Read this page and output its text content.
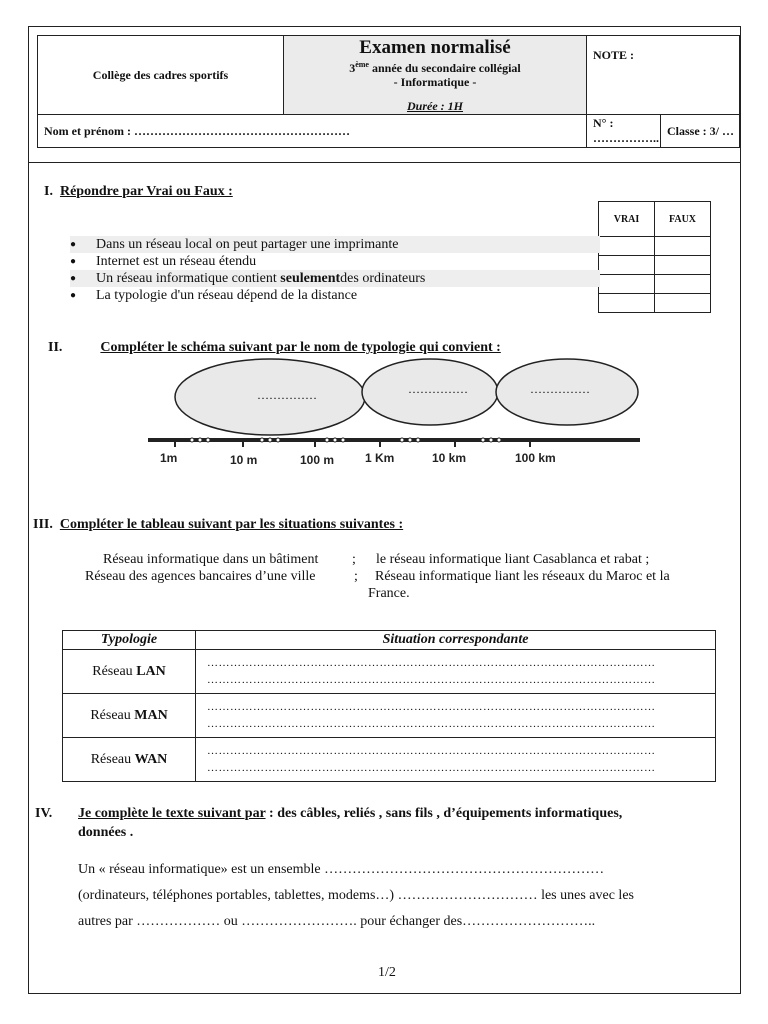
Collège des cadres sportifs	
Examen normalisé
3ème année du secondaire collégial
- Informatique -
Durée : 1H
	NOTE :
Nom et prénom : ………………………………………………	
N° : ……………..	Classe : 3/ …
I. Répondre par Vrai ou Faux :
VRAI	FAUX

●	Dans un réseau local on peut partager une imprimante
●	Internet est un réseau étendu
●	Un réseau informatique contient
seulement des ordinateurs
●	La typologie d'un réseau dépend de la distance
II.	Compléter le schéma suivant par le nom de typologie qui convient :
……………	……………	……………
1m	10 m	100 m	1 Km	10 km	100 km
III. Compléter le tableau suivant par les situations suivantes :
Réseau informatique dans un bâtiment ; le réseau informatique liant Casablanca et rabat ;
Réseau des agences bancaires d’une ville	; Réseau informatique liant les réseaux du Maroc et la
France.
Typologie	Situation correspondante
Réseau LAN	………………………………………………………………………………………………………
………………………………………………………………………………………………………

Réseau MAN	………………………………………………………………………………………………………
………………………………………………………………………………………………………

Réseau WAN	………………………………………………………………………………………………………
………………………………………………………………………………………………………
IV. Je complète le texte suivant par : des câbles, reliés , sans fils , d’équipements informatiques,
données .
Un « réseau informatique» est un ensemble ……………………………………………………
(ordinateurs, téléphones portables, tablettes, modems…) ………………………… les unes avec les
autres par ……………… ou ……………………. pour échanger des………………………..
1/2
